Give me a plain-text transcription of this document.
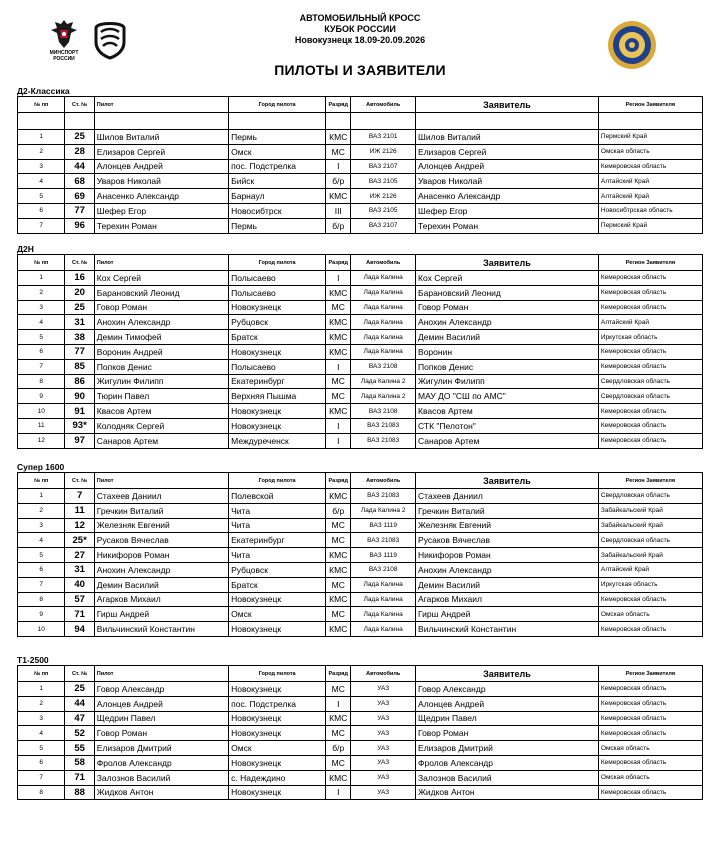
МИНСПОРТ
РОССИИ
АВТОМОБИЛЬНЫЙ КРОСС
КУБОК РОССИИ
Новокузнецк 18.09-20.09.2026
ПИЛОТЫ И ЗАЯВИТЕЛИ
Д2-Классика
№ пп	Ст. №	Пилот	Город пилота	Разряд	Автомобиль	Заявитель	Регион Заявителя

1	25	Шилов Виталий	Пермь	КМС	ВАЗ 2101	Шилов Виталий	Пермский Край
2	28	Елизаров Сергей	Омск	МС	ИЖ 2126	Елизаров Сергей	Омская область
3	44	Алонцев Андрей	пос. Подстрелка	I	ВАЗ 2107	Алонцев Андрей	Кемеровская область
4	68	Уваров Николай	Бийск	б/р	ВАЗ 2105	Уваров Николай	Алтайский Край
5	69	Анасенко Александр	Барнаул	КМС	ИЖ 2126	Анасенко Александр	Алтайский Край
6	77	Шефер Егор	Новосибтрск	III	ВАЗ 2105	Шефер Егор	Новосибтрская область
7	96	Терехин Роман	Пермь	б/р	ВАЗ 2107	Терехин Роман	Пермский Край
Д2Н
№ пп	Ст. №	Пилот	Город пилота	Разряд	Автомобиль	Заявитель	Регион Заявителя
1	16	Кох Сергей	Полысаево	I	Лада Калина	Кох Сергей	Кемеровская область
2	20	Барановский Леонид	Полысаево	КМС	Лада Калина	Барановский Леонид	Кемеровская область
3	25	Говор Роман	Новокузнецк	МС	Лада Калина	Говор Роман	Кемеровская область
4	31	Анохин Александр	Рубцовск	КМС	Лада Калина	Анохин Александр	Алтайский Край
5	38	Демин Тимофей	Братск	КМС	Лада Калина	Демин Василий	Иркутская область
6	77	Воронин Андрей	Новокузнецк	КМС	Лада Калина	Воронин	Кемеровская область
7	85	Попков Денис	Полысаево	I	ВАЗ 2108	Попков Денис	Кемеровская область
8	86	Жигулин Филипп	Екатеринбург	МС	Лада Калина 2	Жигулин Филипп	Свердловская область
9	90	Тюрин Павел	Верхняя Пышма	МС	Лада Калина 2	МАУ ДО "СШ по АМС"	Свердловская область
10	91	Квасов Артем	Новокузнецк	КМС	ВАЗ 2108	Квасов Артем	Кемеровская область
11	93*	Колодняк Сергей	Новокузнецк	I	ВАЗ 21083	СТК "Пелотон"	Кемеровская область
12	97	Санаров Артем	Междуреченск	I	ВАЗ 21083	Санаров Артем	Кемеровская область
Супер 1600
№ пп	Ст. №	Пилот	Город пилота	Разряд	Автомобиль	Заявитель	Регион Заявителя
1	7	Стахеев Даниил	Полевской	КМС	ВАЗ 21083	Стахеев Даниил	Свердловская область
2	11	Гречкин Виталий	Чита	б/р	Лада Калина 2	Гречкин Виталий	Забайкальский Край
3	12	Железняк Евгений	Чита	МС	ВАЗ 1119	Железняк Евгений	Забайкальский Край
4	25*	Русаков Вячеслав	Екатеринбург	МС	ВАЗ 21083	Русаков Вячеслав	Свердловская область
5	27	Никифоров Роман	Чита	КМС	ВАЗ 1119	Никифоров Роман	Забайкальский Край
6	31	Анохин Александр	Рубцовск	КМС	ВАЗ 2108	Анохин Александр	Алтайский Край
7	40	Демин Василий	Братск	МС	Лада Калина	Демин Василий	Иркутская область
8	57	Агарков Михаил	Новокузнецк	КМС	Лада Калина	Агарков Михаил	Кемеровская область
9	71	Гирш Андрей	Омск	МС	Лада Калина	Гирш Андрей	Омская область
10	94	Вильчинский Константин	Новокузнецк	КМС	Лада Калина	Вильчинский Константин	Кемеровская область
Т1-2500
№ пп	Ст. №	Пилот	Город пилота	Разряд	Автомобиль	Заявитель	Регион Заявителя
1	25	Говор Александр	Новокузнецк	МС	УАЗ	Говор Александр	Кемеровская область
2	44	Алонцев Андрей	пос. Подстрелка	I	УАЗ	Алонцев Андрей	Кемеровская область
3	47	Щедрин Павел	Новокузнецк	КМС	УАЗ	Щедрин Павел	Кемеровская область
4	52	Говор Роман	Новокузнецк	МС	УАЗ	Говор Роман	Кемеровская область
5	55	Елизаров Дмитрий	Омск	б/р	УАЗ	Елизаров Дмитрий	Омская область
6	58	Фролов Александр	Новокузнецк	МС	УАЗ	Фролов Александр	Кемеровская область
7	71	Залознов Василий	с. Надеждино	КМС	УАЗ	Залознов Василий	Омская область
8	88	Жидков Антон	Новокузнецк	I	УАЗ	Жидков Антон	Кемеровская область
